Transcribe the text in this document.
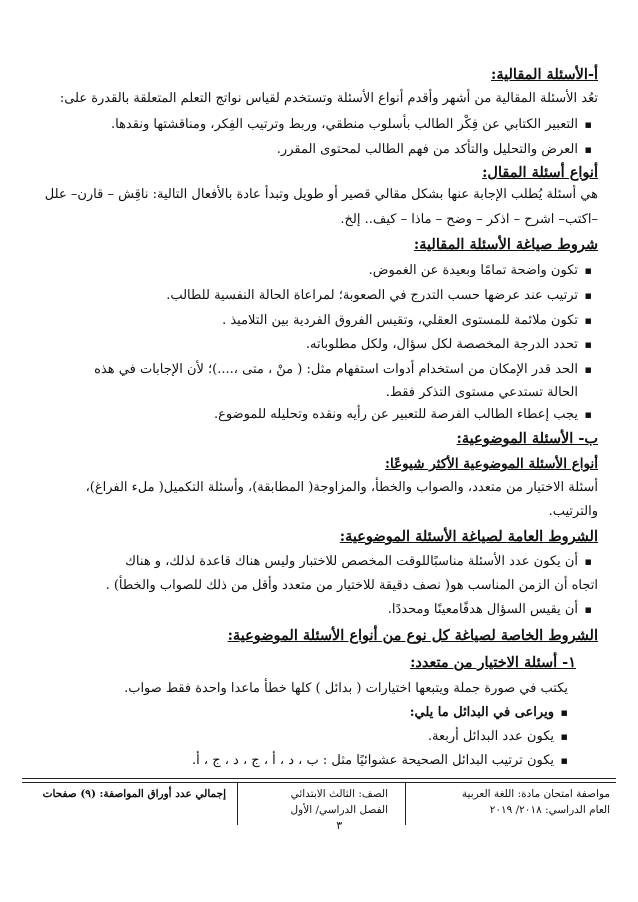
أ-الأسئلة المقالية:
تعُد الأسئلة المقالية من أشهر وأقدم أنواع الأسئلة وتستخدم لقياس نواتج التعلم المتعلقة بالقدرة على:
▪ التعبير الكتابي عن فِكْر الطالب بأسلوب منطقي، وربط وترتيب الفِكر، ومناقشتها ونقدها.
▪ العرض والتحليل والتأكد من فهم الطالب لمحتوى المقرر.
أنواع أسئلة المقال:
هي أسئلة يُطلب الإجابة عنها بشكل مقالي قصير أو طويل وتبدأ عادة بالأفعال التالية: ناقِش – قارن– علل
–اكتب– اشرح – اذكر – وضح – ماذا – كيف.. إلخ.
شروط صياغة الأسئلة المقالية:
▪ تكون واضحة تمامًا وبعيدة عن الغموض.
▪ ترتيب عند عرضها حسب التدرج في الصعوبة؛ لمراعاة الحالة النفسية للطالب.
▪ تكون ملائمة للمستوى العقلي، وتقيس الفروق الفردية بين التلاميذ .
▪ تحدد الدرجة المخصصة لكل سؤال، ولكل مطلوباته.
▪ الحد قدر الإمكان من استخدام أدوات استفهام مثل: ( منْ ، متى ،....)؛ لأن الإجابات في هذه
الحالة تستدعي مستوى التذكر فقط.
▪ يجب إعطاء الطالب الفرصة للتعبير عن رأيه ونقده وتحليله للموضوع.
ب- الأسئلة الموضوعية:
أنواع الأسئلة الموضوعية الأكثر شيوعًا:
أسئلة الاختيار من متعدد، والصواب والخطأ، والمزاوجة( المطابقة)، وأسئلة التكميل( ملء الفراغ)،
والترتيب.
الشروط العامة لصياغة الأسئلة الموضوعية:
▪ أن يكون عدد الأسئلة مناسبًاللوقت المخصص للاختبار وليس هناك قاعدة لذلك، و هناك
اتجاه أن الزمن المناسب هو( نصف دقيقة للاختيار من متعدد وأقل من ذلك للصواب والخطأ) .
▪ أن يقيس السؤال هدفًامعينًا ومحددًا.
الشروط الخاصة لصياغة كل نوع من أنواع الأسئلة الموضوعية:
١- أسئلة الاختيار من متعدد:
يكتب في صورة جملة ويتبعها اختيارات ( بدائل ) كلها خطأ ماعدا واحدة فقط صواب.
▪ ويراعى في البدائل ما يلي:
▪ يكون عدد البدائل أربعة.
▪ يكون ترتيب البدائل الصحيحة عشوائيًا مثل : ب ، د ، أ ، ج ، د ، ج ، أ.
مواصفة امتحان مادة: اللغة العربية
العام الدراسي: ٢٠١٨/ ٢٠١٩
الصف: الثالث الابتدائي
الفصل الدراسي/ الأول
٣
إجمالي عدد أوراق المواصفة: (٩) صفحات
